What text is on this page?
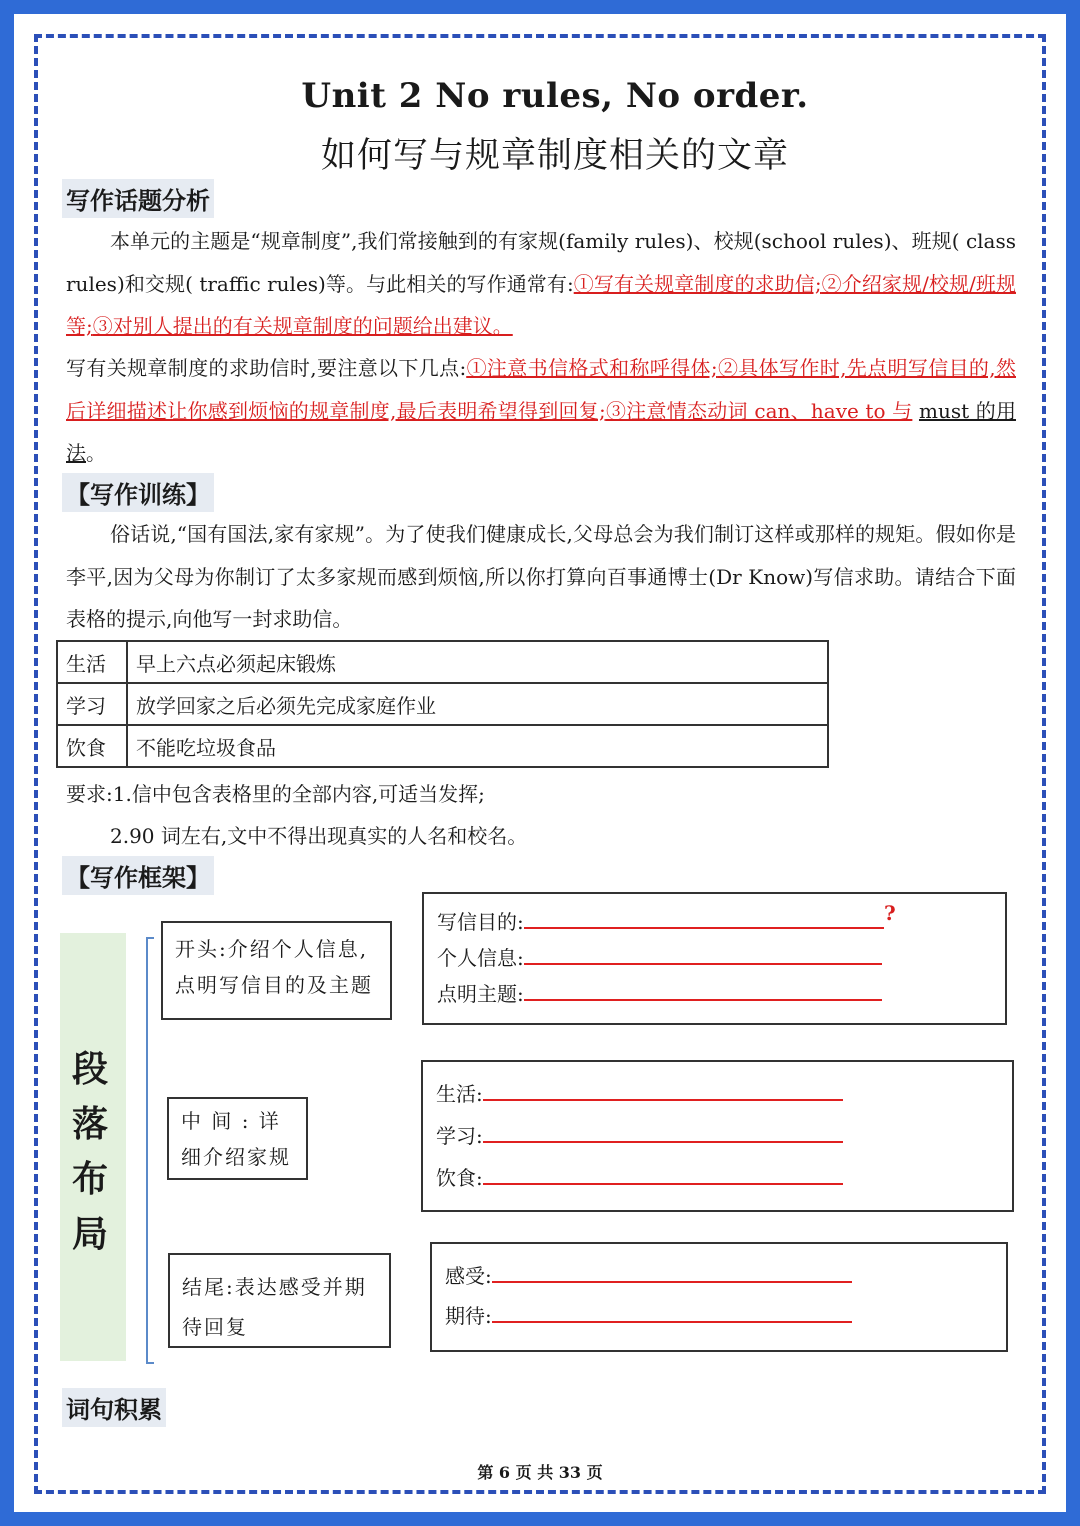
Unit 2 No rules, No order.
如何写与规章制度相关的文章
写作话题分析
本单元的主题是“规章制度”,我们常接触到的有家规(family rules)、校规(school rules)、班规( class rules)和交规( traffic rules)等。与此相关的写作通常有:①写有关规章制度的求助信;②介绍家规/校规/班规等;③对别人提出的有关规章制度的问题给出建议。
写有关规章制度的求助信时,要注意以下几点:①注意书信格式和称呼得体;②具体写作时,先点明写信目的,然后详细描述让你感到烦恼的规章制度,最后表明希望得到回复;③注意情态动词 can、have to 与 must 的用法。
【写作训练】
俗话说,“国有国法,家有家规”。为了使我们健康成长,父母总会为我们制订这样或那样的规矩。假如你是李平,因为父母为你制订了太多家规而感到烦恼,所以你打算向百事通博士(Dr Know)写信求助。请结合下面表格的提示,向他写一封求助信。
生活	早上六点必须起床锻炼
学习	放学回家之后必须先完成家庭作业
饮食	不能吃垃圾食品
要求:1.信中包含表格里的全部内容,可适当发挥;
2.90 词左右,文中不得出现真实的人名和校名。
【写作框架】
段
落
布
局
开头:介绍个人信息,点明写信目的及主题
中 间 : 详 细介绍家规
结尾:表达感受并期待回复
写信目的:	?
个人信息:
点明主题:
生活:
学习:
饮食:
感受:
期待:
词句积累
第 6 页 共 33 页
